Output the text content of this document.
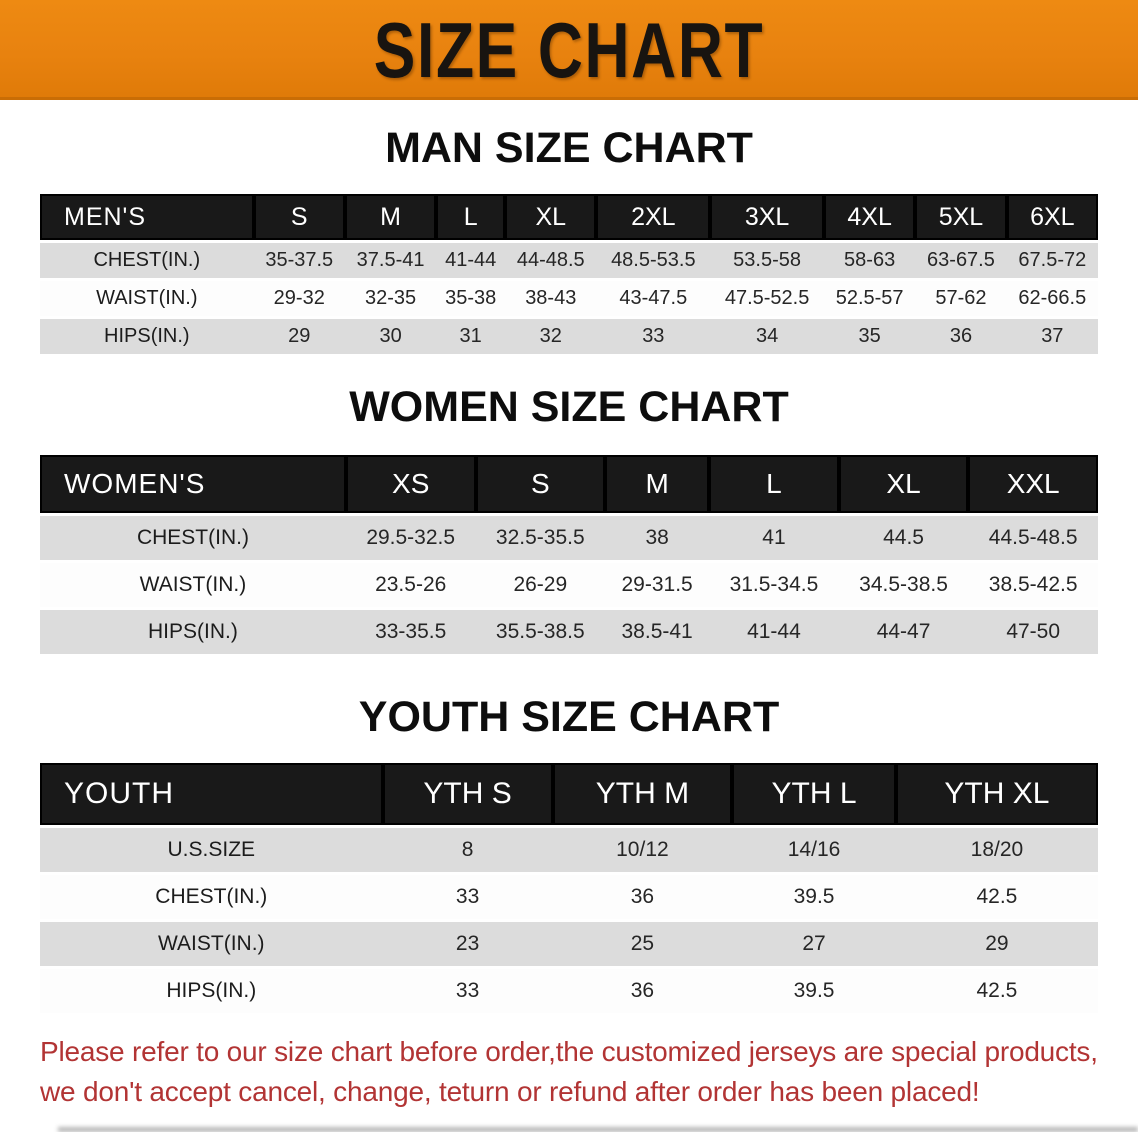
SIZE CHART
MAN SIZE CHART
MEN'S	S	M	L	XL	2XL	3XL	4XL	5XL	6XL
CHEST(IN.)	35-37.5	37.5-41	41-44	44-48.5	48.5-53.5	53.5-58	58-63	63-67.5	67.5-72
WAIST(IN.)	29-32	32-35	35-38	38-43	43-47.5	47.5-52.5	52.5-57	57-62	62-66.5
HIPS(IN.)	29	30	31	32	33	34	35	36	37
WOMEN SIZE CHART
WOMEN'S	XS	S	M	L	XL	XXL
CHEST(IN.)	29.5-32.5	32.5-35.5	38	41	44.5	44.5-48.5
WAIST(IN.)	23.5-26	26-29	29-31.5	31.5-34.5	34.5-38.5	38.5-42.5
HIPS(IN.)	33-35.5	35.5-38.5	38.5-41	41-44	44-47	47-50
YOUTH SIZE CHART
YOUTH	YTH S	YTH M	YTH L	YTH XL
U.S.SIZE	8	10/12	14/16	18/20
CHEST(IN.)	33	36	39.5	42.5
WAIST(IN.)	23	25	27	29
HIPS(IN.)	33	36	39.5	42.5

Please refer to our size chart before order,the customized jerseys are special products,
we don't accept cancel, change, teturn or refund after order has been placed!
